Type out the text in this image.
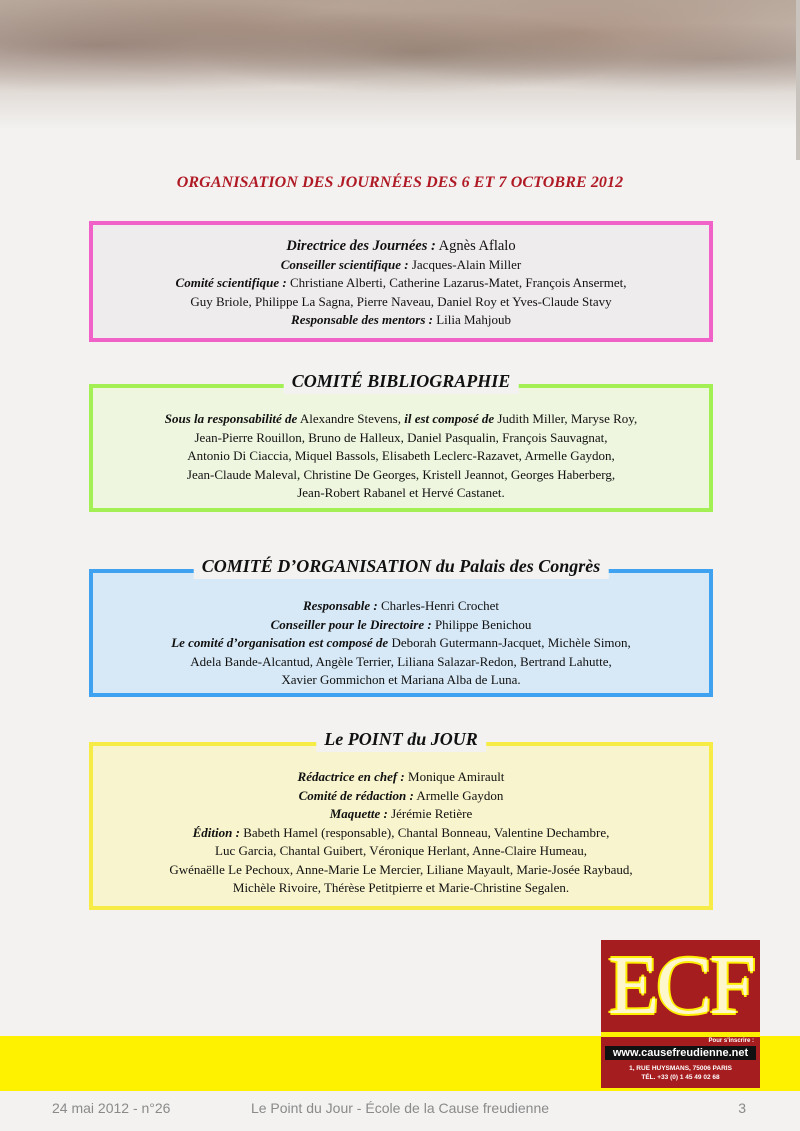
ORGANISATION DES JOURNÉES DES 6 ET 7 OCTOBRE 2012

Directrice des Journées : Agnès Aflalo

Conseiller scientifique : Jacques-Alain Miller

Comité scientifique : Christiane Alberti, Catherine Lazarus-Matet, François Ansermet,

Guy Briole, Philippe La Sagna, Pierre Naveau, Daniel Roy et Yves-Claude Stavy

Responsable des mentors : Lilia Mahjoub

COMITÉ BIBLIOGRAPHIE

Sous la responsabilité de Alexandre Stevens, il est composé de Judith Miller, Maryse Roy,

Jean-Pierre Rouillon, Bruno de Halleux, Daniel Pasqualin, François Sauvagnat,

Antonio Di Ciaccia, Miquel Bassols, Elisabeth Leclerc-Razavet, Armelle Gaydon,

Jean-Claude Maleval, Christine De Georges, Kristell Jeannot, Georges Haberberg,

Jean-Robert Rabanel et Hervé Castanet.

COMITÉ D’ORGANISATION du Palais des Congrès

Responsable : Charles-Henri Crochet

Conseiller pour le Directoire : Philippe Benichou

Le comité d’organisation est composé de Deborah Gutermann-Jacquet, Michèle Simon,

Adela Bande-Alcantud, Angèle Terrier, Liliana Salazar-Redon, Bertrand Lahutte,

Xavier Gommichon et Mariana Alba de Luna.

Le POINT du JOUR

Rédactrice en chef : Monique Amirault

Comité de rédaction : Armelle Gaydon

Maquette : Jérémie Retière

Édition : Babeth Hamel (responsable), Chantal Bonneau, Valentine Dechambre,

Luc Garcia, Chantal Guibert, Véronique Herlant, Anne-Claire Humeau,

Gwénaëlle Le Pechoux, Anne-Marie Le Mercier, Liliane Mayault, Marie-Josée Raybaud,

Michèle Rivoire, Thérèse Petitpierre et Marie-Christine Segalen.

ECF
Pour s'inscrire :
www.causefreudienne.net
1, RUE HUYSMANS, 75006 PARIS
TÉL. +33 (0) 1 45 49 02 68
24 mai 2012 - n°26	Le Point du Jour - École de la Cause freudienne	3
